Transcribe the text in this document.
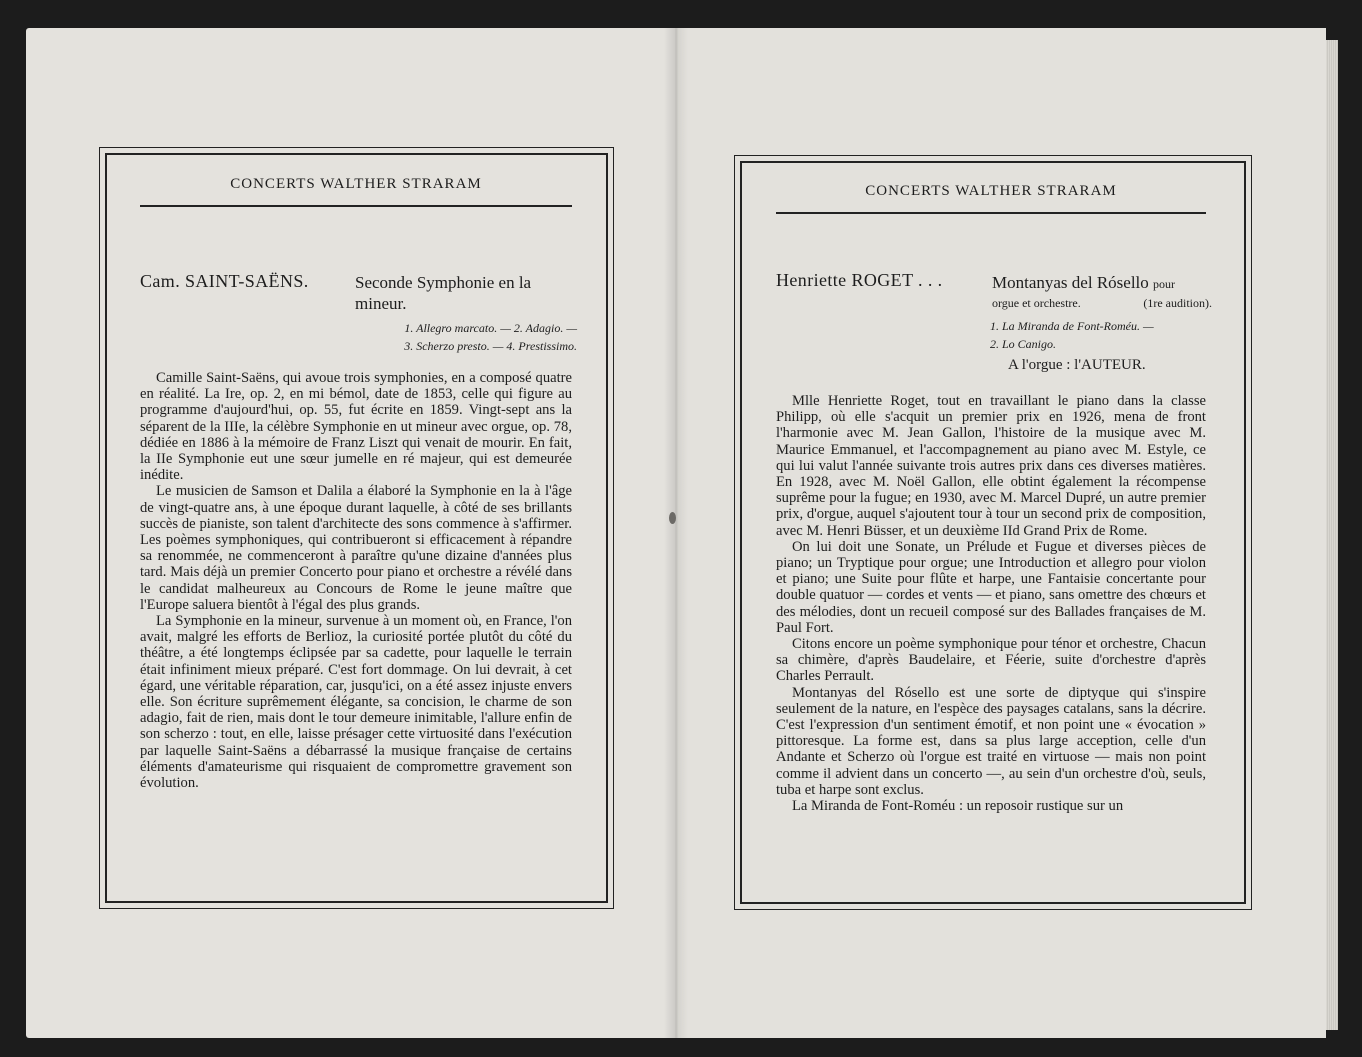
CONCERTS WALTHER STRARAM
Cam. SAINT-SAËNS.	Seconde Symphonie en la mineur.
1. Allegro marcato. — 2. Adagio. —
3. Scherzo presto. — 4. Prestissimo.

Camille Saint-Saëns, qui avoue trois symphonies, en a composé quatre en réalité. La Ire, op. 2, en mi bémol, date de 1853, celle qui figure au programme d'aujourd'hui, op. 55, fut écrite en 1859. Vingt-sept ans la séparent de la IIIe, la célèbre Symphonie en ut mineur avec orgue, op. 78, dédiée en 1886 à la mémoire de Franz Liszt qui venait de mourir. En fait, la IIe Symphonie eut une sœur jumelle en ré majeur, qui est demeurée inédite.

Le musicien de Samson et Dalila a élaboré la Symphonie en la à l'âge de vingt-quatre ans, à une époque durant laquelle, à côté de ses brillants succès de pianiste, son talent d'architecte des sons commence à s'affirmer. Les poèmes symphoniques, qui contribueront si efficacement à répandre sa renommée, ne commenceront à paraître qu'une dizaine d'années plus tard. Mais déjà un premier Concerto pour piano et orchestre a révélé dans le candidat malheureux au Concours de Rome le jeune maître que l'Europe saluera bientôt à l'égal des plus grands.

La Symphonie en la mineur, survenue à un moment où, en France, l'on avait, malgré les efforts de Berlioz, la curiosité portée plutôt du côté du théâtre, a été longtemps éclipsée par sa cadette, pour laquelle le terrain était infiniment mieux préparé. C'est fort dommage. On lui devrait, à cet égard, une véritable réparation, car, jusqu'ici, on a été assez injuste envers elle. Son écriture suprêmement élégante, sa concision, le charme de son adagio, fait de rien, mais dont le tour demeure inimitable, l'allure enfin de son scherzo : tout, en elle, laisse présager cette virtuosité dans l'exécution par laquelle Saint-Saëns a débarrassé la musique française de certains éléments d'amateurisme qui risquaient de compromettre gravement son évolution.

CONCERTS WALTHER STRARAM
Henriette ROGET . . .	Montanyas del Rósello pour
orgue et orchestre.	(1re audition).
1. La Miranda de Font-Roméu. —
2. Lo Canigo.
A l'orgue : l'AUTEUR.

Mlle Henriette Roget, tout en travaillant le piano dans la classe Philipp, où elle s'acquit un premier prix en 1926, mena de front l'harmonie avec M. Jean Gallon, l'histoire de la musique avec M. Maurice Emmanuel, et l'accompagnement au piano avec M. Estyle, ce qui lui valut l'année suivante trois autres prix dans ces diverses matières. En 1928, avec M. Noël Gallon, elle obtint également la récompense suprême pour la fugue; en 1930, avec M. Marcel Dupré, un autre premier prix, d'orgue, auquel s'ajoutent tour à tour un second prix de composition, avec M. Henri Büsser, et un deuxième IId Grand Prix de Rome.

On lui doit une Sonate, un Prélude et Fugue et diverses pièces de piano; un Tryptique pour orgue; une Introduction et allegro pour violon et piano; une Suite pour flûte et harpe, une Fantaisie concertante pour double quatuor — cordes et vents — et piano, sans omettre des chœurs et des mélodies, dont un recueil composé sur des Ballades françaises de M. Paul Fort.

Citons encore un poème symphonique pour ténor et orchestre, Chacun sa chimère, d'après Baudelaire, et Féerie, suite d'orchestre d'après Charles Perrault.

Montanyas del Rósello est une sorte de diptyque qui s'inspire seulement de la nature, en l'espèce des paysages catalans, sans la décrire. C'est l'expression d'un sentiment émotif, et non point une « évocation » pittoresque. La forme est, dans sa plus large acception, celle d'un Andante et Scherzo où l'orgue est traité en virtuose — mais non point comme il advient dans un concerto —, au sein d'un orchestre d'où, seuls, tuba et harpe sont exclus.

La Miranda de Font-Roméu : un reposoir rustique sur un
